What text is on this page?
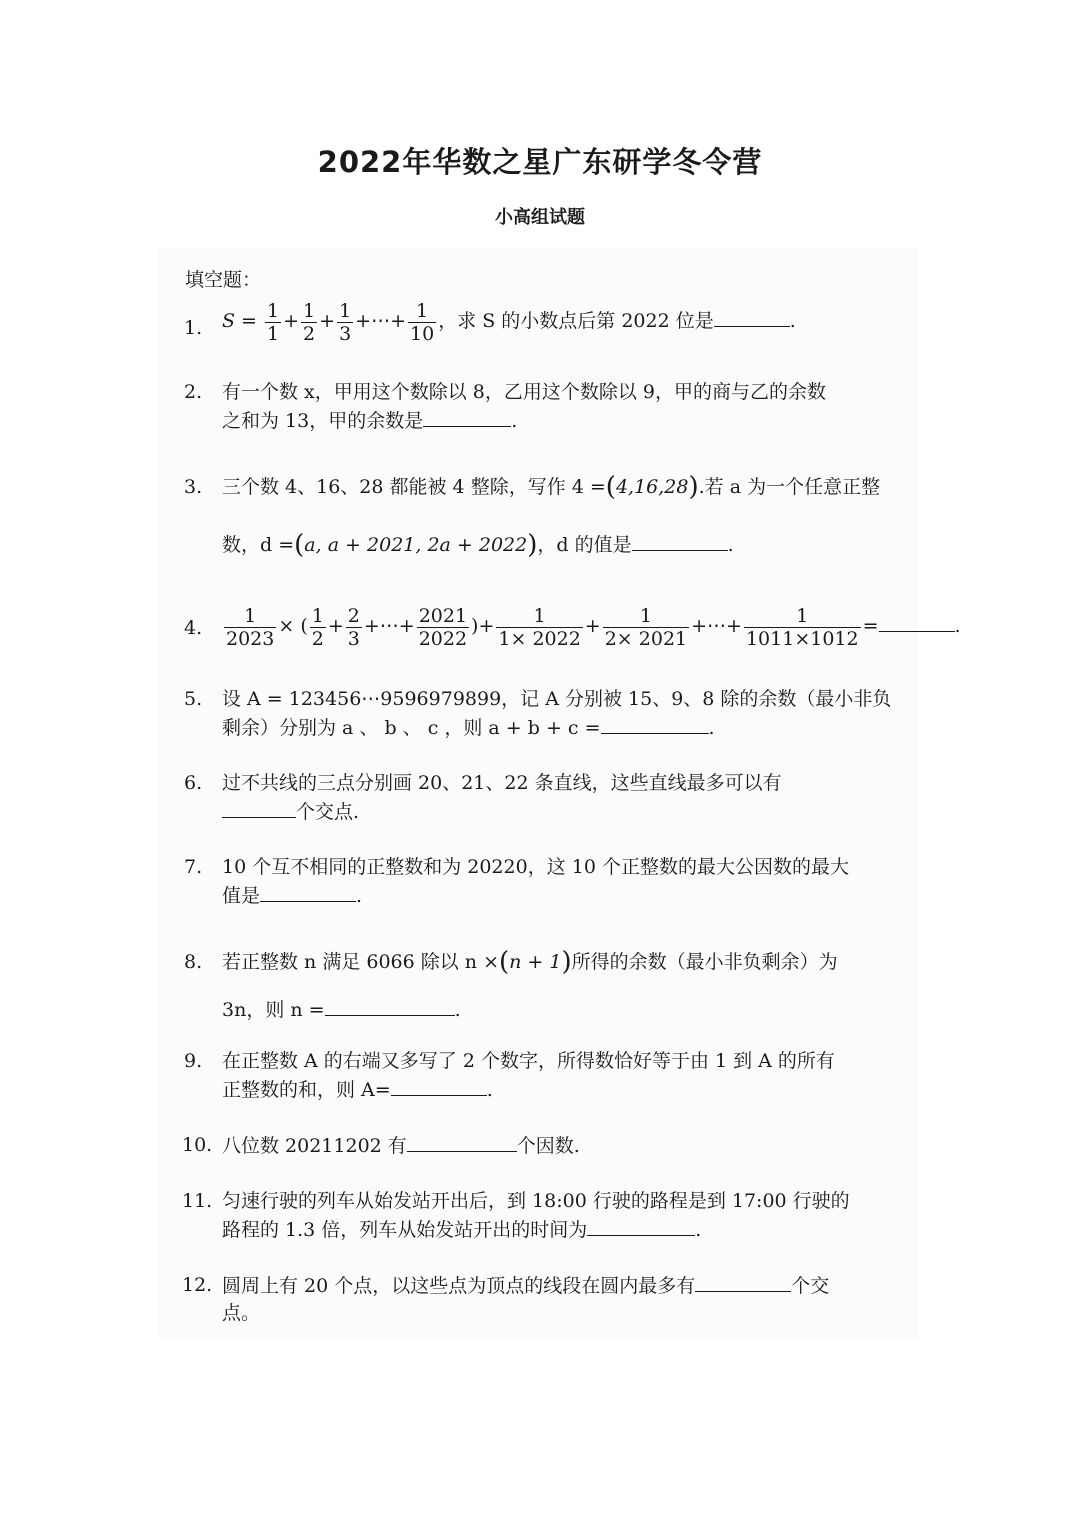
2022年华数之星广东研学冬令营
小高组试题
填空题：
1. $S = \frac{1}{1} + \frac{1}{2} + \frac{1}{3}$ +⋯+ $\frac{1}{10}$ ，求 S 的小数点后第 2022 位是	.
2. 有一个数 x，甲用这个数除以 8，乙用这个数除以 9，甲的商与乙的余数
之和为 13，甲的余数是	.
3. 三个数 4、16、28 都能被 4 整除，写作 4 =(4,16,28).若 a 为一个任意正整
数，d =(a, a + 2021, 2a + 2022)，d 的值是	.
4. $\frac{1}{2023}$ × ( $\frac{1}{2} + \frac{2}{3}$ +⋯+ $\frac{2021}{2022}$ )+ $\frac{1}{1\times 2022} + \frac{1}{2\times 2021}$ +⋯+ $\frac{1}{1011\times 1012}$ =	.
5. 设 A = 123456⋯9596979899，记 A 分别被 15、9、8 除的余数（最小非负
剩余）分别为 a 、 b 、 c ，则 a + b + c =	.
6. 过不共线的三点分别画 20、21、22 条直线，这些直线最多可以有
个交点.
7. 10 个互不相同的正整数和为 20220，这 10 个正整数的最大公因数的最大
值是	.
8. 若正整数 n 满足 6066 除以 n ×(n + 1)所得的余数（最小非负剩余）为
3n，则 n =	.
9. 在正整数 A 的右端又多写了 2 个数字，所得数恰好等于由 1 到 A 的所有
正整数的和，则 A=	.
10. 八位数 20211202 有	个因数.
11. 匀速行驶的列车从始发站开出后，到 18:00 行驶的路程是到 17:00 行驶的
路程的 1.3 倍，列车从始发站开出的时间为	.
12. 圆周上有 20 个点，以这些点为顶点的线段在圆内最多有	个交
点。
